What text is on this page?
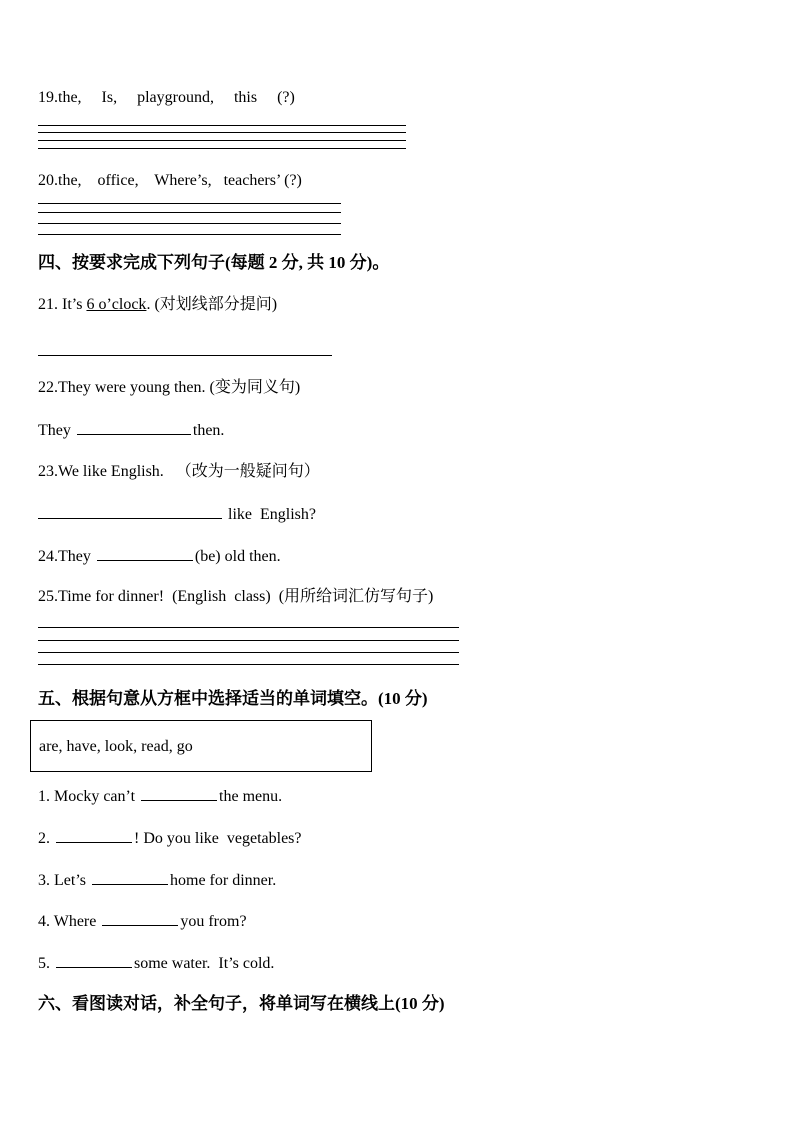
19.the,     Is,     playground,     this     (?)
20.the,    office,    Where’s,   teachers’ (?)
四、按要求完成下列句子(每题 2 分, 共 10 分)。
21. It’s 6 o’clock. (对划线部分提问)
22.They were young then. (变为同义句)
They	then.
23.We like English.   （改为一般疑问句）
like  English?
24.They	(be) old then.
25.Time for dinner!  (English  class)  (用所给词汇仿写句子)
五、根据句意从方框中选择适当的单词填空。(10 分)
are, have, look, read, go
1. Mocky can’t	the menu.
2.	! Do you like  vegetables?
3. Let’s	home for dinner.
4. Where	you from?
5.	some water.  It’s cold.
六、看图读对话，补全句子，将单词写在横线上(10 分)
